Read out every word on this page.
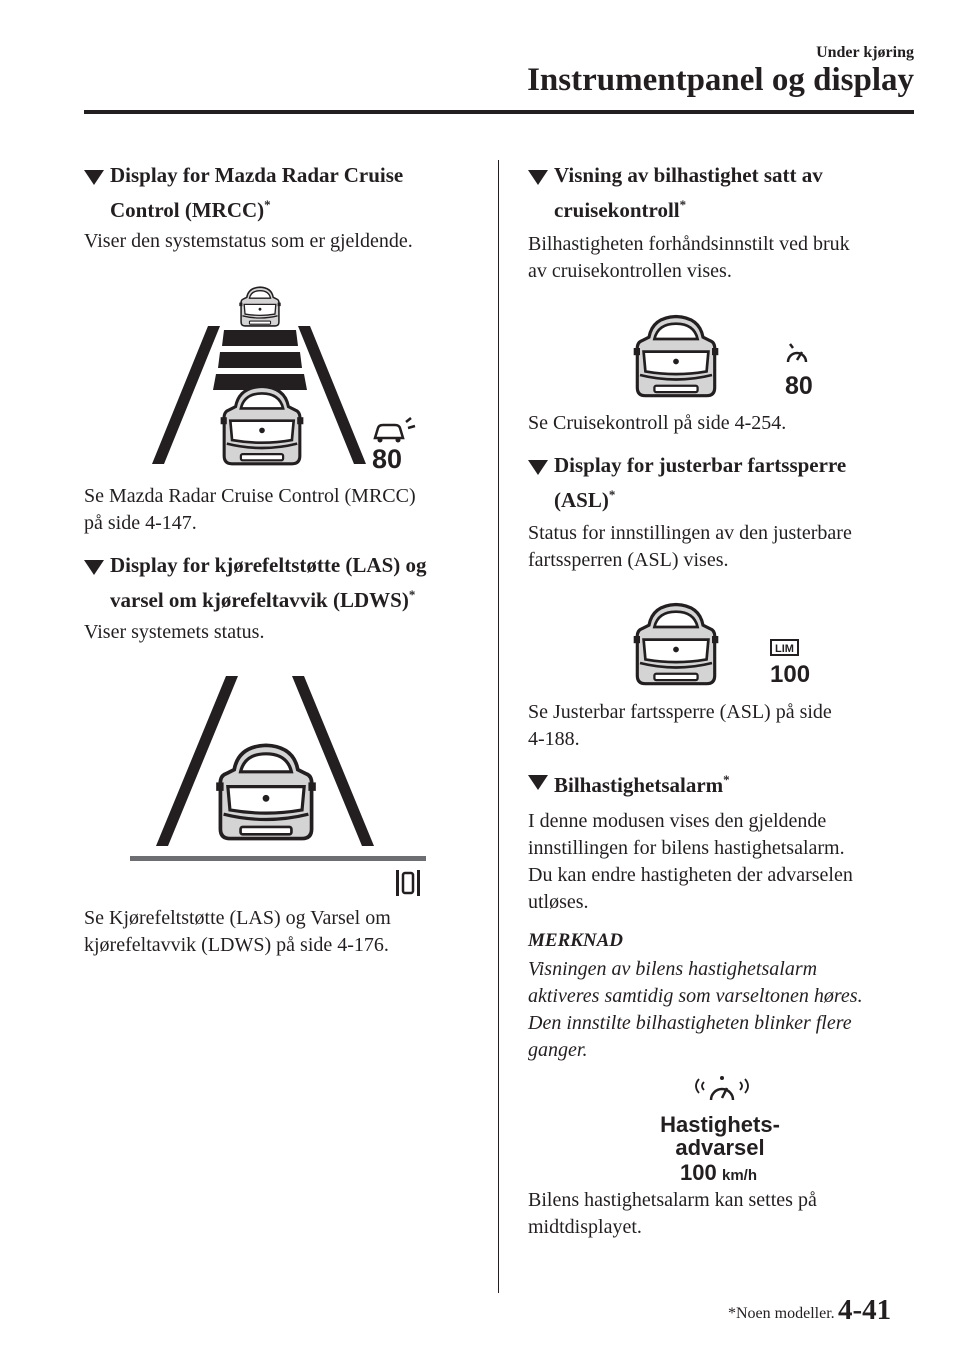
Under kjøring
Instrumentpanel og display
Display for Mazda Radar Cruise
Control (MRCC)*
Viser den systemstatus som er gjeldende.
80
Se Mazda Radar Cruise Control (MRCC)
på side 4-147.
Display for kjørefeltstøtte (LAS) og
varsel om kjørefeltavvik (LDWS)*
Viser systemets status.
Se Kjørefeltstøtte (LAS) og Varsel om
kjørefeltavvik (LDWS) på side 4-176.
Visning av bilhastighet satt av
cruisekontroll*
Bilhastigheten forhåndsinnstilt ved bruk
av cruisekontrollen vises.
80
Se Cruisekontroll på side 4-254.
Display for justerbar fartssperre
(ASL)*
Status for innstillingen av den justerbare
fartssperren (ASL) vises.
LIM
100
Se Justerbar fartssperre (ASL) på side
4-188.
Bilhastighetsalarm*
I denne modusen vises den gjeldende
innstillingen for bilens hastighetsalarm.
Du kan endre hastigheten der advarselen
utløses.
MERKNAD
Visningen av bilens hastighetsalarm
aktiveres samtidig som varseltonen høres.
Den innstilte bilhastigheten blinker flere
ganger.
Hastighets-
advarsel
100 km/h
Bilens hastighetsalarm kan settes på
midtdisplayet.
*Noen modeller. 4-41
